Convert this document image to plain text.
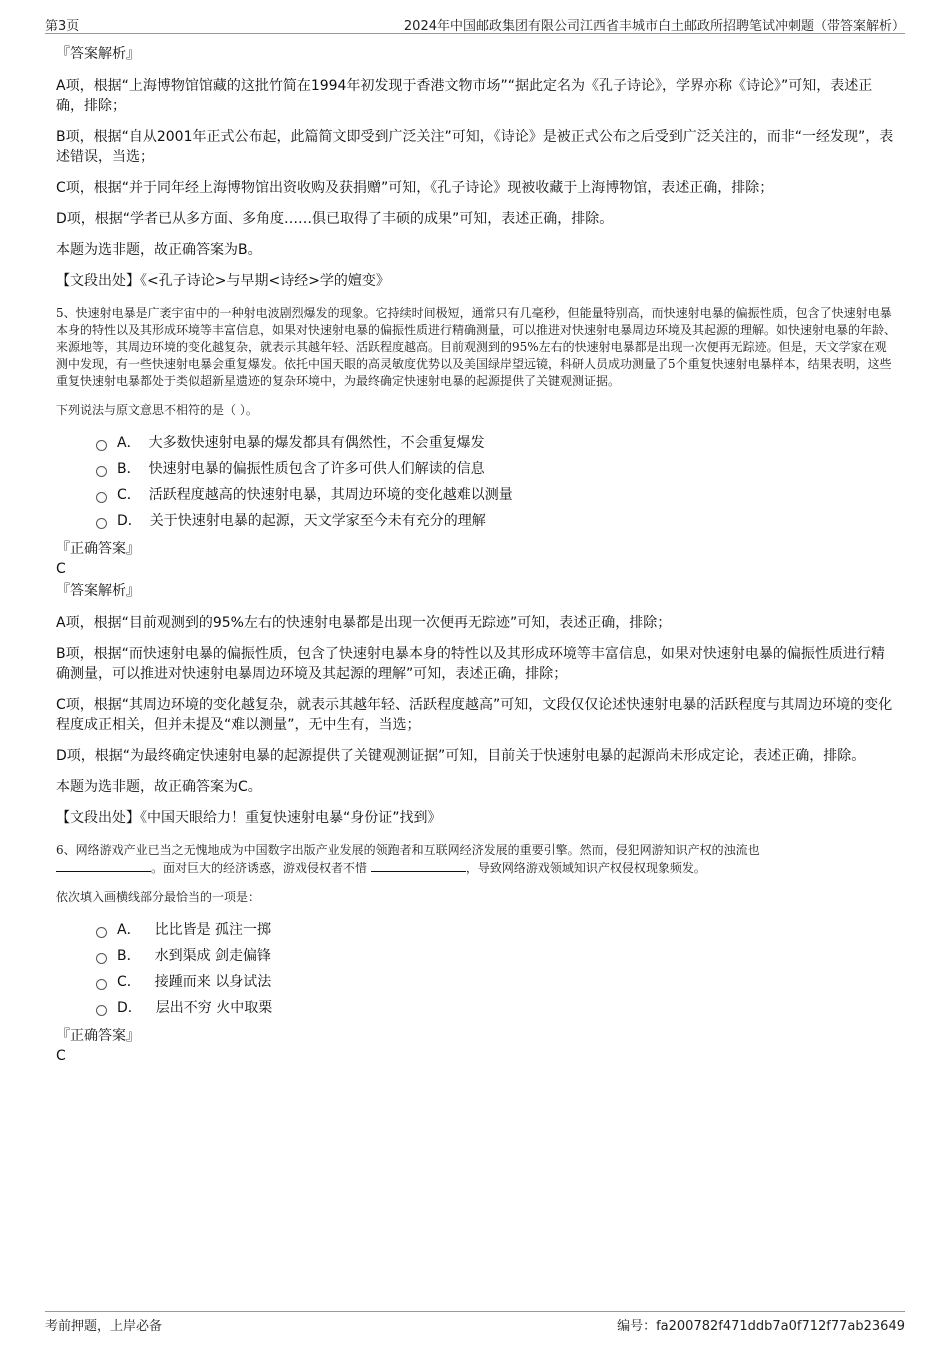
第3页	2024年中国邮政集团有限公司江西省丰城市白土邮政所招聘笔试冲刺题（带答案解析）

『答案解析』

A项，根据“上海博物馆馆藏的这批竹简在1994年初发现于香港文物市场”“据此定名为《孔子诗论》，学界亦称《诗论》”可知，表述正确，排除；

B项，根据“自从2001年正式公布起，此篇简文即受到广泛关注”可知，《诗论》是被正式公布之后受到广泛关注的，而非“一经发现”，表述错误，当选；

C项，根据“并于同年经上海博物馆出资收购及获捐赠”可知，《孔子诗论》现被收藏于上海博物馆，表述正确，排除；

D项，根据“学者已从多方面、多角度……俱已取得了丰硕的成果”可知，表述正确，排除。

本题为选非题，故正确答案为B。

【文段出处】《<孔子诗论>与早期<诗经>学的嬗变》

5、快速射电暴是广袤宇宙中的一种射电波剧烈爆发的现象。它持续时间极短，通常只有几毫秒，但能量特别高，而快速射电暴的偏振性质，包含了快速射电暴本身的特性以及其形成环境等丰富信息，如果对快速射电暴的偏振性质进行精确测量，可以推进对快速射电暴周边环境及其起源的理解。如快速射电暴的年龄、来源地等，其周边环境的变化越复杂，就表示其越年轻、活跃程度越高。目前观测到的95%左右的快速射电暴都是出现一次便再无踪迹。但是，天文学家在观测中发现，有一些快速射电暴会重复爆发。依托中国天眼的高灵敏度优势以及美国绿岸望远镜，科研人员成功测量了5个重复快速射电暴样本，结果表明，这些重复快速射电暴都处于类似超新星遗迹的复杂环境中，为最终确定快速射电暴的起源提供了关键观测证据。

下列说法与原文意思不相符的是（ ）。

A． 大多数快速射电暴的爆发都具有偶然性，不会重复爆发
B． 快速射电暴的偏振性质包含了许多可供人们解读的信息
C． 活跃程度越高的快速射电暴，其周边环境的变化越难以测量
D． 关于快速射电暴的起源，天文学家至今未有充分的理解

『正确答案』

C

『答案解析』

A项，根据“目前观测到的95%左右的快速射电暴都是出现一次便再无踪迹”可知，表述正确，排除；

B项，根据“而快速射电暴的偏振性质，包含了快速射电暴本身的特性以及其形成环境等丰富信息，如果对快速射电暴的偏振性质进行精确测量，可以推进对快速射电暴周边环境及其起源的理解”可知，表述正确，排除；

C项，根据“其周边环境的变化越复杂，就表示其越年轻、活跃程度越高”可知，文段仅仅论述快速射电暴的活跃程度与其周边环境的变化程度成正相关，但并未提及“难以测量”，无中生有，当选；

D项，根据“为最终确定快速射电暴的起源提供了关键观测证据”可知，目前关于快速射电暴的起源尚未形成定论，表述正确，排除。

本题为选非题，故正确答案为C。

【文段出处】《中国天眼给力！重复快速射电暴“身份证”找到》

6、网络游戏产业已当之无愧地成为中国数字出版产业发展的领跑者和互联网经济发展的重要引擎。然而，侵犯网游知识产权的浊流也
。面对巨大的经济诱惑，游戏侵权者不惜	，导致网络游戏领域知识产权侵权现象频发。

依次填入画横线部分最恰当的一项是：

A． 比比皆是 孤注一掷
B． 水到渠成 剑走偏锋
C． 接踵而来 以身试法
D． 层出不穷 火中取栗

『正确答案』

C

考前押题，上岸必备	编号：fa200782f471ddb7a0f712f77ab23649
